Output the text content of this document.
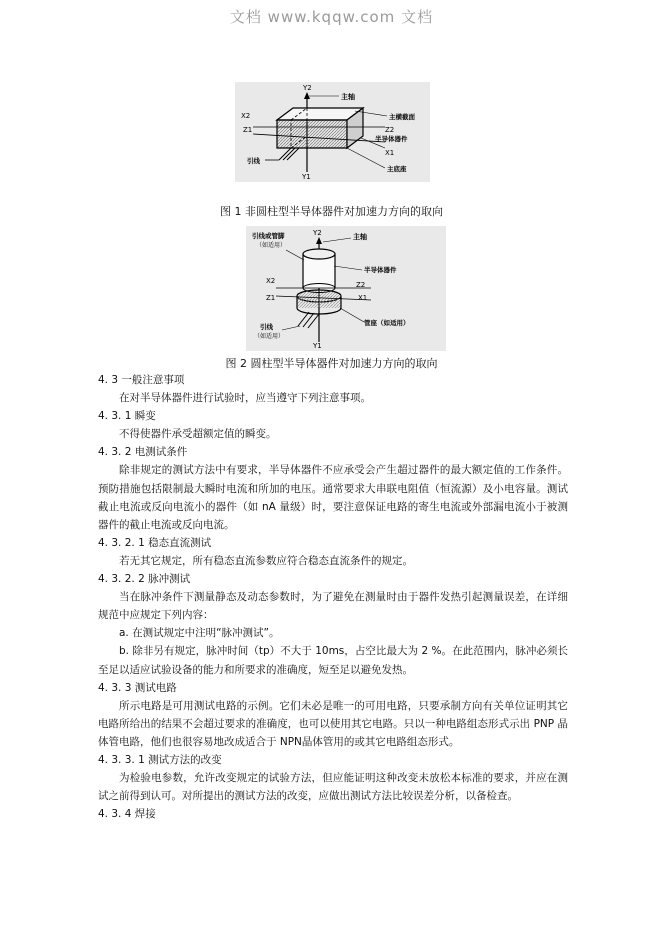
文档 www.kqqw.com 文档
Y2
主轴
主横截面
X2
Z1	Z2
半导体器件
X1
引线
主底座
Y1
图 1 非圆柱型半导体器件对加速力方向的取向
引线或管脚
（如适用）
Y2	主轴
半导体器件
X2	Z2
Z1	X1
管座（如适用）
引线
（如适用）
Y1
图 2 圆柱型半导体器件对加速力方向的取向

4. 3 一般注意事项

在对半导体器件进行试验时，应当遵守下列注意事项。

4. 3. 1 瞬变

不得使器件承受超额定值的瞬变。

4. 3. 2 电测试条件

除非规定的测试方法中有要求，半导体器件不应承受会产生超过器件的最大额定值的工作条件。预防措施包括限制最大瞬时电流和所加的电压。通常要求大串联电阻值（恒流源）及小电容量。测试截止电流或反向电流小的器件（如 nA 量级）时，要注意保证电路的寄生电流或外部漏电流小于被测器件的截止电流或反向电流。

4. 3. 2. 1 稳态直流测试

若无其它规定，所有稳态直流参数应符合稳态直流条件的规定。

4. 3. 2. 2 脉冲测试

当在脉冲条件下测量静态及动态参数时，为了避免在测量时由于器件发热引起测量误差，在详细规范中应规定下列内容：

a. 在测试规定中注明“脉冲测试”。

b. 除非另有规定，脉冲时间（tp）不大于 10ms，占空比最大为 2 %。在此范围内，脉冲必须长至足以适应试验设备的能力和所要求的准确度，短至足以避免发热。

4. 3. 3 测试电路

所示电路是可用测试电路的示例。它们未必是唯一的可用电路，只要承制方向有关单位证明其它电路所给出的结果不会超过要求的准确度，也可以使用其它电路。只以一种电路组态形式示出 PNP 晶体管电路，他们也很容易地改成适合于 NPN晶体管用的或其它电路组态形式。

4. 3. 3. 1 测试方法的改变

为检验电参数，允许改变规定的试验方法，但应能证明这种改变未放松本标准的要求，并应在测试之前得到认可。对所提出的测试方法的改变，应做出测试方法比较误差分析，以备检查。

4. 3. 4 焊接
